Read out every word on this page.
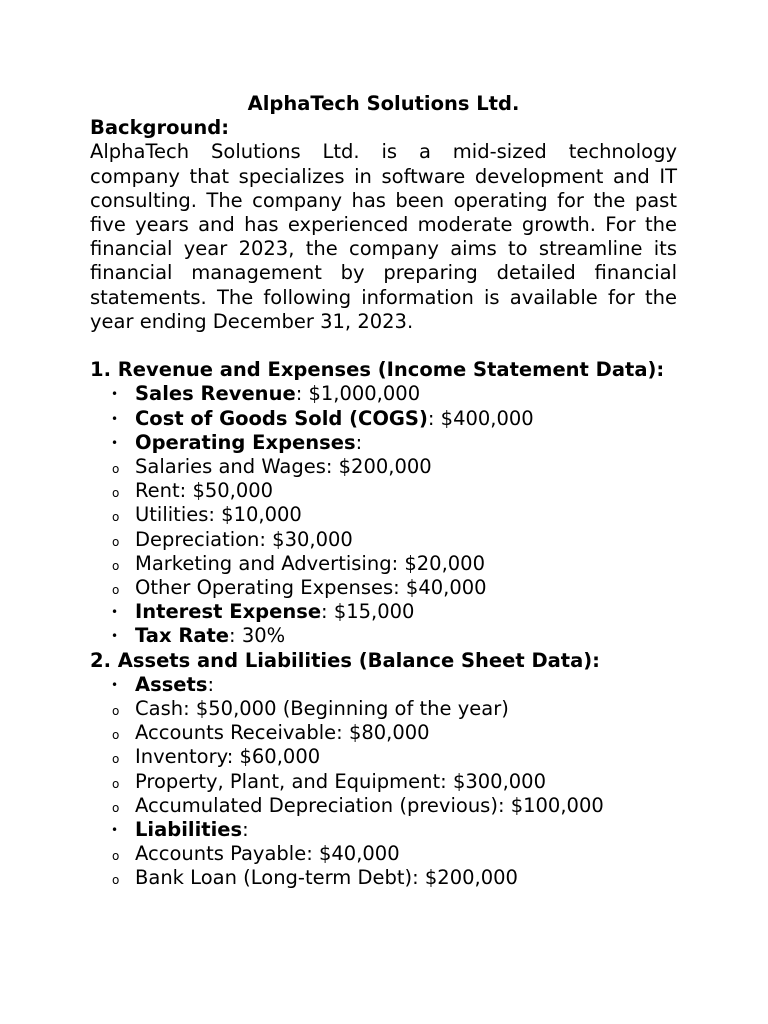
AlphaTech Solutions Ltd.

Background:

AlphaTech Solutions Ltd. is a mid-sized technology company that specializes in software development and IT consulting. The company has been operating for the past five years and has experienced moderate growth. For the financial year 2023, the company aims to streamline its financial management by preparing detailed financial statements. The following information is available for the year ending December 31, 2023.

1. Revenue and Expenses (Income Statement Data):

• Sales Revenue: $1,000,000
• Cost of Goods Sold (COGS): $400,000
• Operating Expenses:
o Salaries and Wages: $200,000
o Rent: $50,000
o Utilities: $10,000
o Depreciation: $30,000
o Marketing and Advertising: $20,000
o Other Operating Expenses: $40,000
• Interest Expense: $15,000
• Tax Rate: 30%

2. Assets and Liabilities (Balance Sheet Data):

• Assets:
o Cash: $50,000 (Beginning of the year)
o Accounts Receivable: $80,000
o Inventory: $60,000
o Property, Plant, and Equipment: $300,000
o Accumulated Depreciation (previous): $100,000
• Liabilities:
o Accounts Payable: $40,000
o Bank Loan (Long-term Debt): $200,000
